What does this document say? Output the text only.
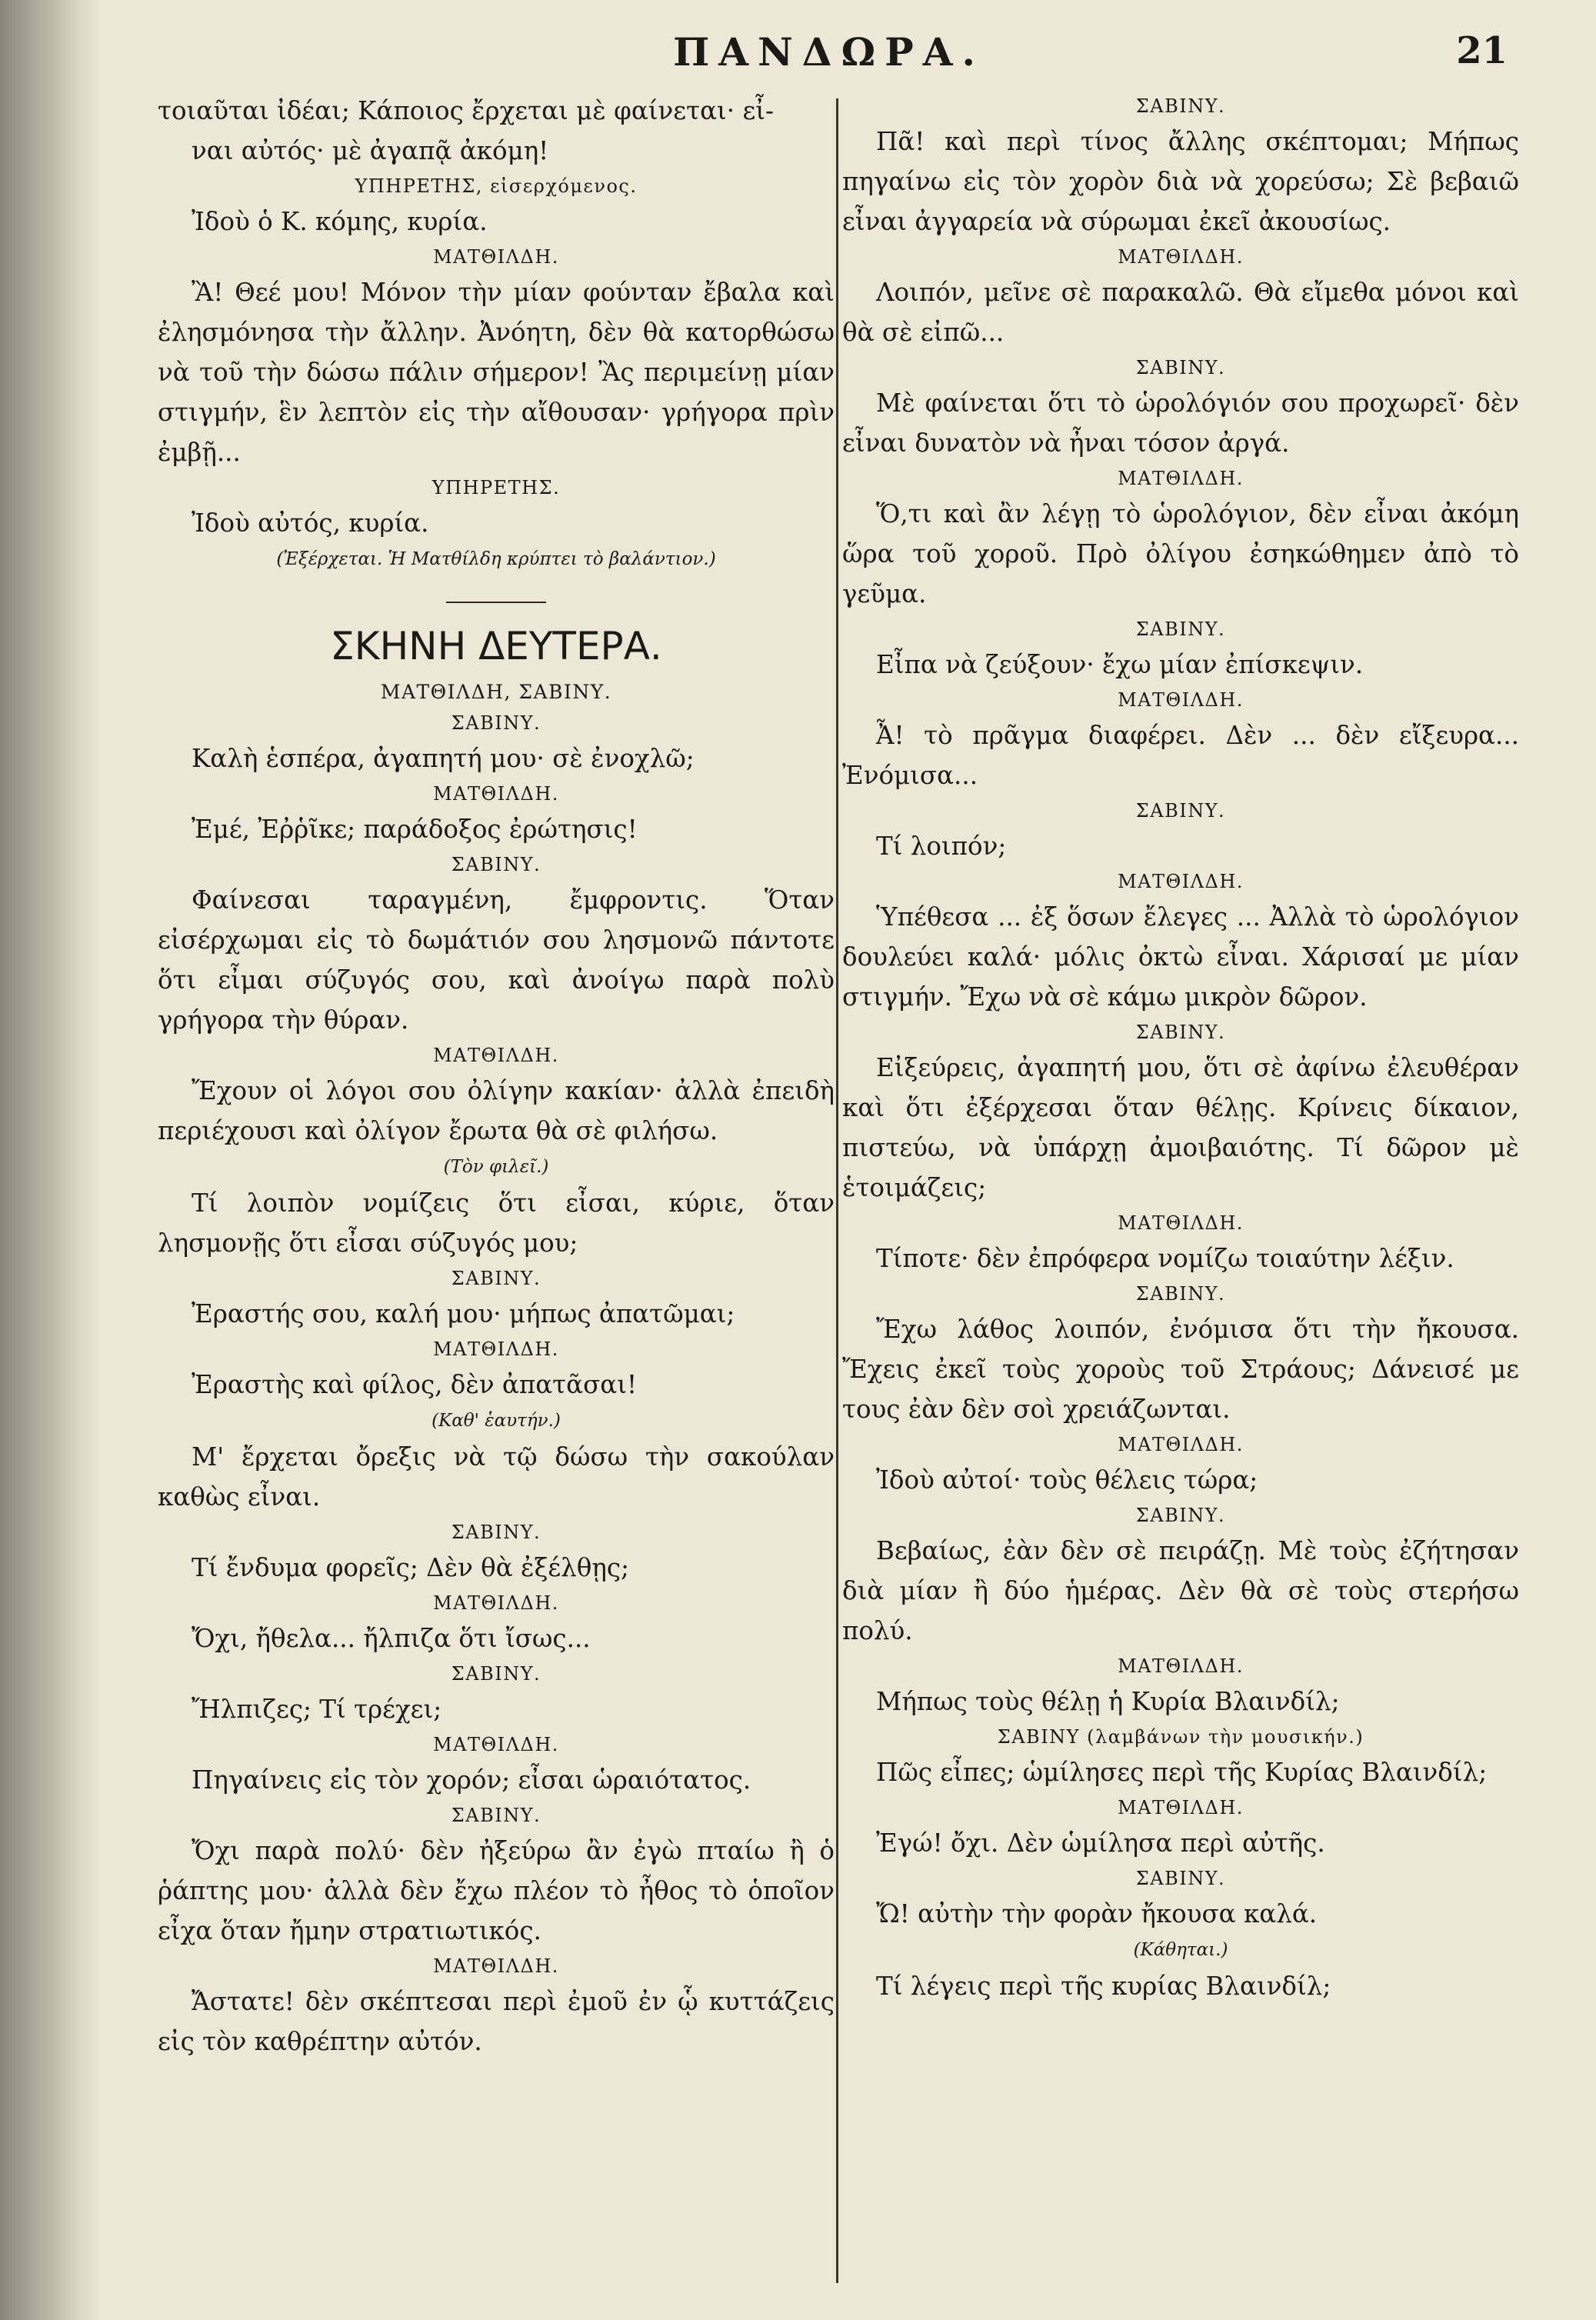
ΠΑΝΔΩΡΑ.	21

τοιαῦται ἰδέαι; Κάποιος ἔρχεται μὲ φαίνεται· εἶ-

ναι αὐτός· μὲ ἀγαπᾷ ἀκόμη!

ΥΠΗΡΕΤΗΣ, εἰσερχόμενος.

Ἰδοὺ ὁ Κ. κόμης, κυρία.

ΜΑΤΘΙΛΔΗ.

Ἂ! Θεέ μου! Μόνον τὴν μίαν φούνταν ἔβαλα καὶ ἐλησμόνησα τὴν ἄλλην. Ἀνόητη, δὲν θὰ κατορθώσω νὰ τοῦ τὴν δώσω πάλιν σήμερον! Ἂς περιμείνῃ μίαν στιγμήν, ἓν λεπτὸν εἰς τὴν αἴθουσαν· γρήγορα πρὶν ἐμβῇ...

ΥΠΗΡΕΤΗΣ.

Ἰδοὺ αὐτός, κυρία.

(Ἐξέρχεται. Ἡ Ματθίλδη κρύπτει τὸ βαλάντιον.)

ΣΚΗΝΗ ΔΕΥΤΕΡΑ.

ΜΑΤΘΙΛΔΗ, ΣΑΒΙΝΥ.

ΣΑΒΙΝΥ.

Καλὴ ἑσπέρα, ἀγαπητή μου· σὲ ἐνοχλῶ;

ΜΑΤΘΙΛΔΗ.

Ἐμέ, Ἐῤῥῖκε; παράδοξος ἐρώτησις!

ΣΑΒΙΝΥ.

Φαίνεσαι ταραγμένη, ἔμφροντις. Ὅταν εἰσέρχωμαι εἰς τὸ δωμάτιόν σου λησμονῶ πάντοτε ὅτι εἶμαι σύζυγός σου, καὶ ἀνοίγω παρὰ πολὺ γρήγορα τὴν θύραν.

ΜΑΤΘΙΛΔΗ.

Ἔχουν οἱ λόγοι σου ὀλίγην κακίαν· ἀλλὰ ἐπειδὴ περιέχουσι καὶ ὀλίγον ἔρωτα θὰ σὲ φιλήσω.

(Τὸν φιλεῖ.)

Τί λοιπὸν νομίζεις ὅτι εἶσαι, κύριε, ὅταν λησμονῇς ὅτι εἶσαι σύζυγός μου;

ΣΑΒΙΝΥ.

Ἐραστής σου, καλή μου· μήπως ἀπατῶμαι;

ΜΑΤΘΙΛΔΗ.

Ἐραστὴς καὶ φίλος, δὲν ἀπατᾶσαι!

(Καθ' ἑαυτήν.)

Μ' ἔρχεται ὄρεξις νὰ τῷ δώσω τὴν σακούλαν καθὼς εἶναι.

ΣΑΒΙΝΥ.

Τί ἔνδυμα φορεῖς; Δὲν θὰ ἐξέλθῃς;

ΜΑΤΘΙΛΔΗ.

Ὄχι, ἤθελα... ἤλπιζα ὅτι ἴσως...

ΣΑΒΙΝΥ.

Ἤλπιζες; Τί τρέχει;

ΜΑΤΘΙΛΔΗ.

Πηγαίνεις εἰς τὸν χορόν; εἶσαι ὡραιότατος.

ΣΑΒΙΝΥ.

Ὄχι παρὰ πολύ· δὲν ἠξεύρω ἂν ἐγὼ πταίω ἢ ὁ ῥάπτης μου· ἀλλὰ δὲν ἔχω πλέον τὸ ἦθος τὸ ὁποῖον εἶχα ὅταν ἤμην στρατιωτικός.

ΜΑΤΘΙΛΔΗ.

Ἄστατε! δὲν σκέπτεσαι περὶ ἐμοῦ ἐν ᾧ κυττάζεις εἰς τὸν καθρέπτην αὐτόν.

ΣΑΒΙΝΥ.

Πᾶ! καὶ περὶ τίνος ἄλλης σκέπτομαι; Μήπως πηγαίνω εἰς τὸν χορὸν διὰ νὰ χορεύσω; Σὲ βεβαιῶ εἶναι ἀγγαρεία νὰ σύρωμαι ἐκεῖ ἀκουσίως.

ΜΑΤΘΙΛΔΗ.

Λοιπόν, μεῖνε σὲ παρακαλῶ. Θὰ εἴμεθα μόνοι καὶ θὰ σὲ εἰπῶ...

ΣΑΒΙΝΥ.

Μὲ φαίνεται ὅτι τὸ ὡρολόγιόν σου προχωρεῖ· δὲν εἶναι δυνατὸν νὰ ἦναι τόσον ἀργά.

ΜΑΤΘΙΛΔΗ.

Ὅ,τι καὶ ἂν λέγῃ τὸ ὡρολόγιον, δὲν εἶναι ἀκόμη ὥρα τοῦ χοροῦ. Πρὸ ὀλίγου ἐσηκώθημεν ἀπὸ τὸ γεῦμα.

ΣΑΒΙΝΥ.

Εἶπα νὰ ζεύξουν· ἔχω μίαν ἐπίσκεψιν.

ΜΑΤΘΙΛΔΗ.

Ἆ! τὸ πρᾶγμα διαφέρει. Δὲν ... δὲν εἴξευρα... Ἐνόμισα...

ΣΑΒΙΝΥ.

Τί λοιπόν;

ΜΑΤΘΙΛΔΗ.

Ὑπέθεσα ... ἐξ ὅσων ἔλεγες ... Ἀλλὰ τὸ ὡρολόγιον δουλεύει καλά· μόλις ὀκτὼ εἶναι. Χάρισαί με μίαν στιγμήν. Ἔχω νὰ σὲ κάμω μικρὸν δῶρον.

ΣΑΒΙΝΥ.

Εἰξεύρεις, ἀγαπητή μου, ὅτι σὲ ἀφίνω ἐλευθέραν καὶ ὅτι ἐξέρχεσαι ὅταν θέλῃς. Κρίνεις δίκαιον, πιστεύω, νὰ ὑπάρχῃ ἀμοιβαιότης. Τί δῶρον μὲ ἑτοιμάζεις;

ΜΑΤΘΙΛΔΗ.

Τίποτε· δὲν ἐπρόφερα νομίζω τοιαύτην λέξιν.

ΣΑΒΙΝΥ.

Ἔχω λάθος λοιπόν, ἐνόμισα ὅτι τὴν ἤκουσα. Ἔχεις ἐκεῖ τοὺς χοροὺς τοῦ Στράους; Δάνεισέ με τους ἐὰν δὲν σοὶ χρειάζωνται.

ΜΑΤΘΙΛΔΗ.

Ἰδοὺ αὐτοί· τοὺς θέλεις τώρα;

ΣΑΒΙΝΥ.

Βεβαίως, ἐὰν δὲν σὲ πειράζῃ. Μὲ τοὺς ἐζήτησαν διὰ μίαν ἢ δύο ἡμέρας. Δὲν θὰ σὲ τοὺς στερήσω πολύ.

ΜΑΤΘΙΛΔΗ.

Μήπως τοὺς θέλῃ ἡ Κυρία Βλαινδίλ;

ΣΑΒΙΝΥ (λαμβάνων τὴν μουσικήν.)

Πῶς εἶπες; ὡμίλησες περὶ τῆς Κυρίας Βλαινδίλ;

ΜΑΤΘΙΛΔΗ.

Ἐγώ! ὄχι. Δὲν ὡμίλησα περὶ αὐτῆς.

ΣΑΒΙΝΥ.

Ὤ! αὐτὴν τὴν φορὰν ἤκουσα καλά.

(Κάθηται.)

Τί λέγεις περὶ τῆς κυρίας Βλαινδίλ;
